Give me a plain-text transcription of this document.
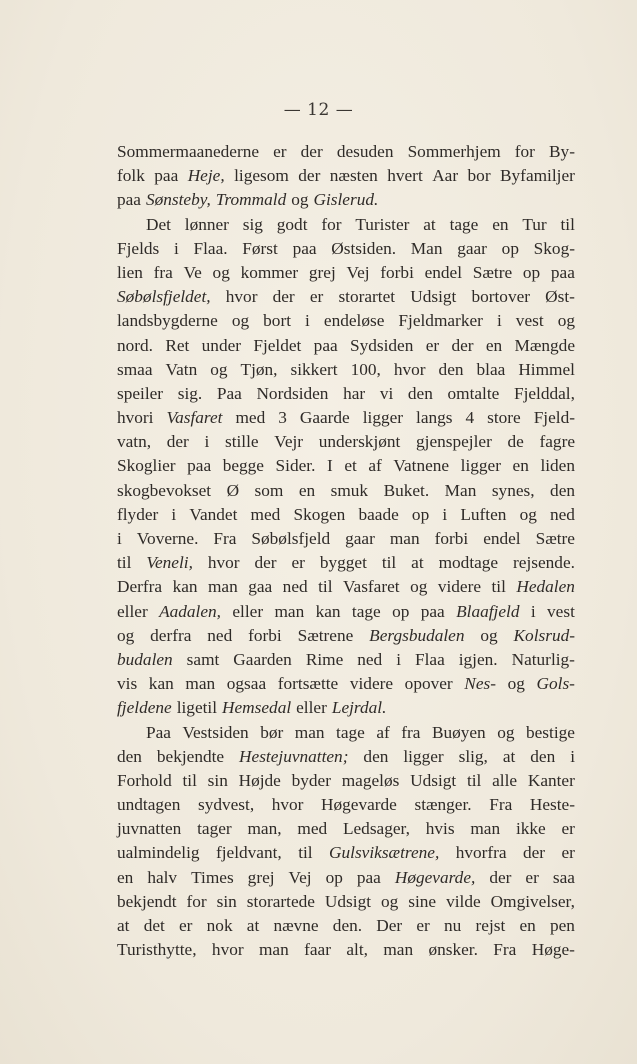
— 12 —
Sommermaanederne er der desuden Sommerhjem for By-
folk paa Heje, ligesom der næsten hvert Aar bor Byfamiljer
paa Sønsteby, Trommald og Gislerud.
Det lønner sig godt for Turister at tage en Tur til
Fjelds i Flaa. Først paa Østsiden. Man gaar op Skog-
lien fra Ve og kommer grej Vej forbi endel Sætre op paa
Søbølsfjeldet, hvor der er storartet Udsigt bortover Øst-
landsbygderne og bort i endeløse Fjeldmarker i vest og
nord. Ret under Fjeldet paa Sydsiden er der en Mængde
smaa Vatn og Tjøn, sikkert 100, hvor den blaa Himmel
speiler sig. Paa Nordsiden har vi den omtalte Fjelddal,
hvori Vasfaret med 3 Gaarde ligger langs 4 store Fjeld-
vatn, der i stille Vejr underskjønt gjenspejler de fagre
Skoglier paa begge Sider. I et af Vatnene ligger en liden
skogbevokset Ø som en smuk Buket. Man synes, den
flyder i Vandet med Skogen baade op i Luften og ned
i Voverne. Fra Søbølsfjeld gaar man forbi endel Sætre
til Veneli, hvor der er bygget til at modtage rejsende.
Derfra kan man gaa ned til Vasfaret og videre til Hedalen
eller Aadalen, eller man kan tage op paa Blaafjeld i vest
og derfra ned forbi Sætrene Bergsbudalen og Kolsrud-
budalen samt Gaarden Rime ned i Flaa igjen. Naturlig-
vis kan man ogsaa fortsætte videre opover Nes- og Gols-
fjeldene ligetil Hemsedal eller Lejrdal.
Paa Vestsiden bør man tage af fra Buøyen og bestige
den bekjendte Hestejuvnatten; den ligger slig, at den i
Forhold til sin Højde byder mageløs Udsigt til alle Kanter
undtagen sydvest, hvor Høgevarde stænger. Fra Heste-
juvnatten tager man, med Ledsager, hvis man ikke er
ualmindelig fjeldvant, til Gulsviksætrene, hvorfra der er
en halv Times grej Vej op paa Høgevarde, der er saa
bekjendt for sin storartede Udsigt og sine vilde Omgivelser,
at det er nok at nævne den. Der er nu rejst en pen
Turisthytte, hvor man faar alt, man ønsker. Fra Høge-
